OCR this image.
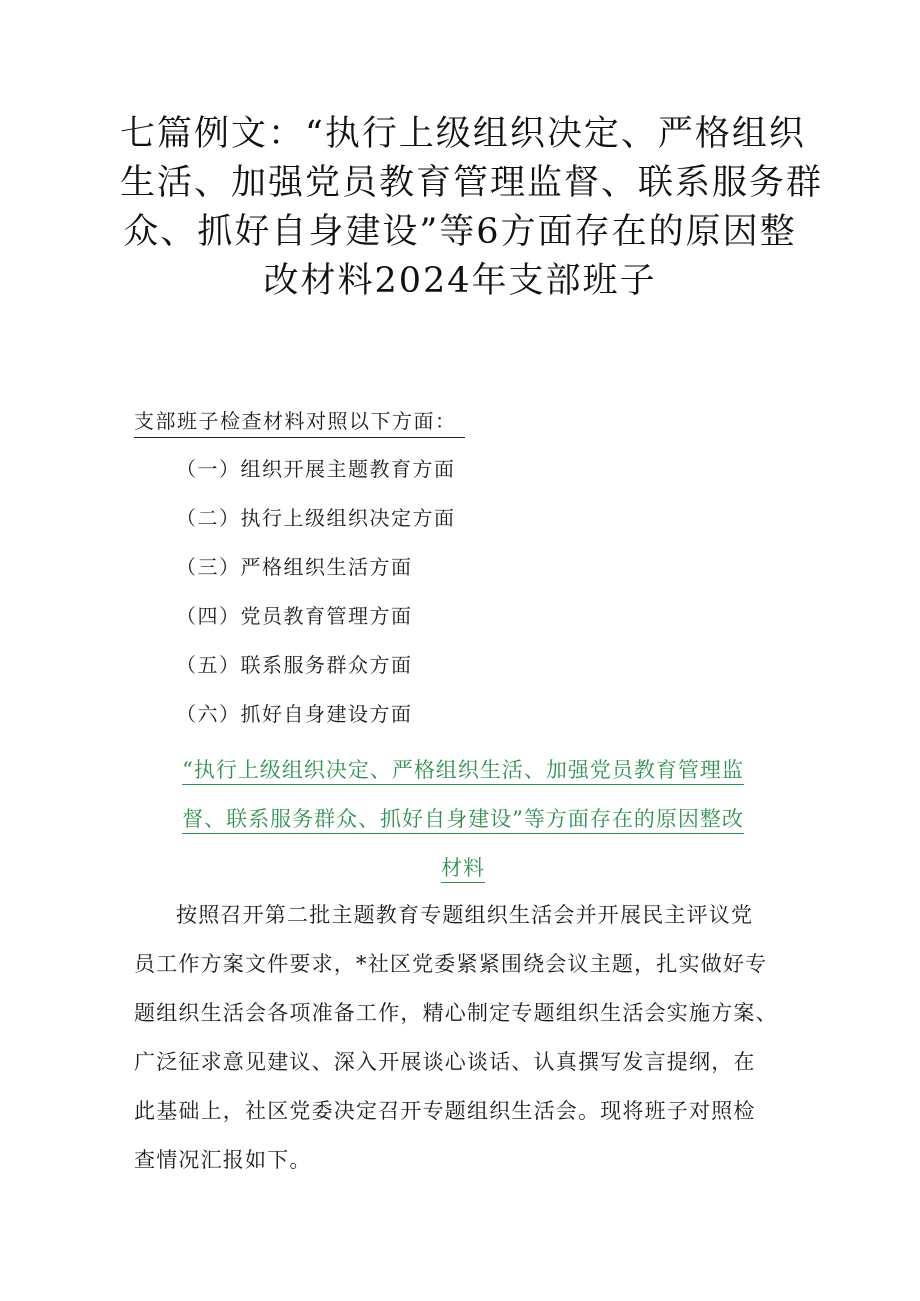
七篇例文：“执行上级组织决定、严格组织
生活、加强党员教育管理监督、联系服务群
众、抓好自身建设”等6方面存在的原因整
改材料2024年支部班子
支部班子检查材料对照以下方面：
（一）组织开展主题教育方面
（二）执行上级组织决定方面
（三）严格组织生活方面
（四）党员教育管理方面
（五）联系服务群众方面
（六）抓好自身建设方面
“执行上级组织决定、严格组织生活、加强党员教育管理监
督、联系服务群众、抓好自身建设”等方面存在的原因整改
材料
按照召开第二批主题教育专题组织生活会并开展民主评议党
员工作方案文件要求，*社区党委紧紧围绕会议主题，扎实做好专
题组织生活会各项准备工作，精心制定专题组织生活会实施方案、
广泛征求意见建议、深入开展谈心谈话、认真撰写发言提纲，在
此基础上，社区党委决定召开专题组织生活会。现将班子对照检
查情况汇报如下。
